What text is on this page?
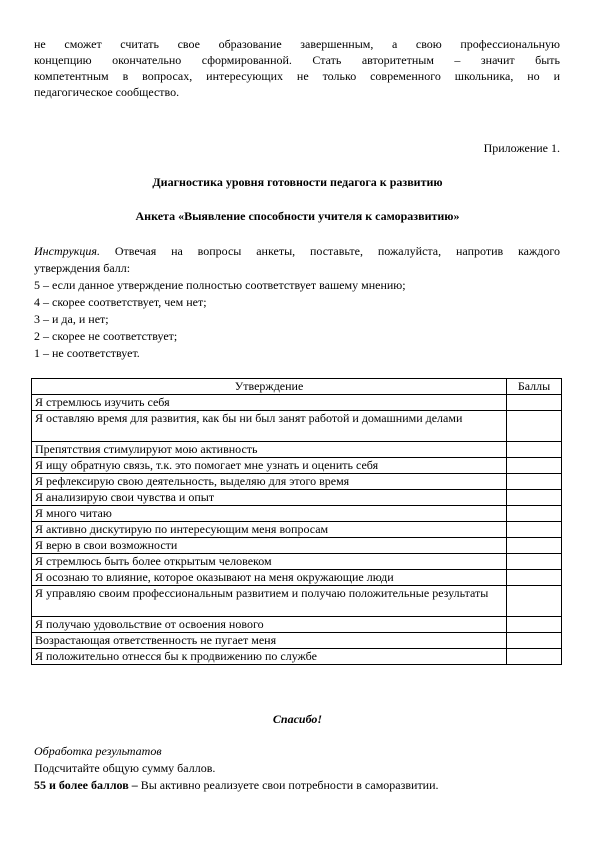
не сможет считать свое образование завершенным, а свою профессиональную
концепцию окончательно сформированной. Стать авторитетным – значит быть
компетентным в вопросах, интересующих не только современного школьника, но и
педагогическое сообщество.
Приложение 1.
Диагностика уровня готовности педагога к развитию
Анкета «Выявление способности учителя к саморазвитию»
Инструкция. Отвечая на вопросы анкеты, поставьте, пожалуйста, напротив каждого
утверждения балл:
5 – если данное утверждение полностью соответствует вашему мнению;
4 – скорее соответствует, чем нет;
3 – и да, и нет;
2 – скорее не соответствует;
1 – не соответствует.
Утверждение	Баллы
Я стремлюсь изучить себя	
Я оставляю время для развития, как бы ни был занят работой и домашними делами	
Препятствия стимулируют мою активность	
Я ищу обратную связь, т.к. это помогает мне узнать и оценить себя	
Я рефлексирую свою деятельность, выделяю для этого время	
Я анализирую свои чувства и опыт	
Я много читаю	
Я активно дискутирую по интересующим меня вопросам	
Я верю в свои возможности	
Я стремлюсь быть более открытым человеком	
Я осознаю то влияние, которое оказывают на меня окружающие люди	
Я управляю своим профессиональным развитием и получаю положительные результаты	
Я получаю удовольствие от освоения нового	
Возрастающая ответственность не пугает меня	
Я положительно отнесся бы к продвижению по службе	
Спасибо!
Обработка результатов
Подсчитайте общую сумму баллов.
55 и более баллов – Вы активно реализуете свои потребности в саморазвитии.
